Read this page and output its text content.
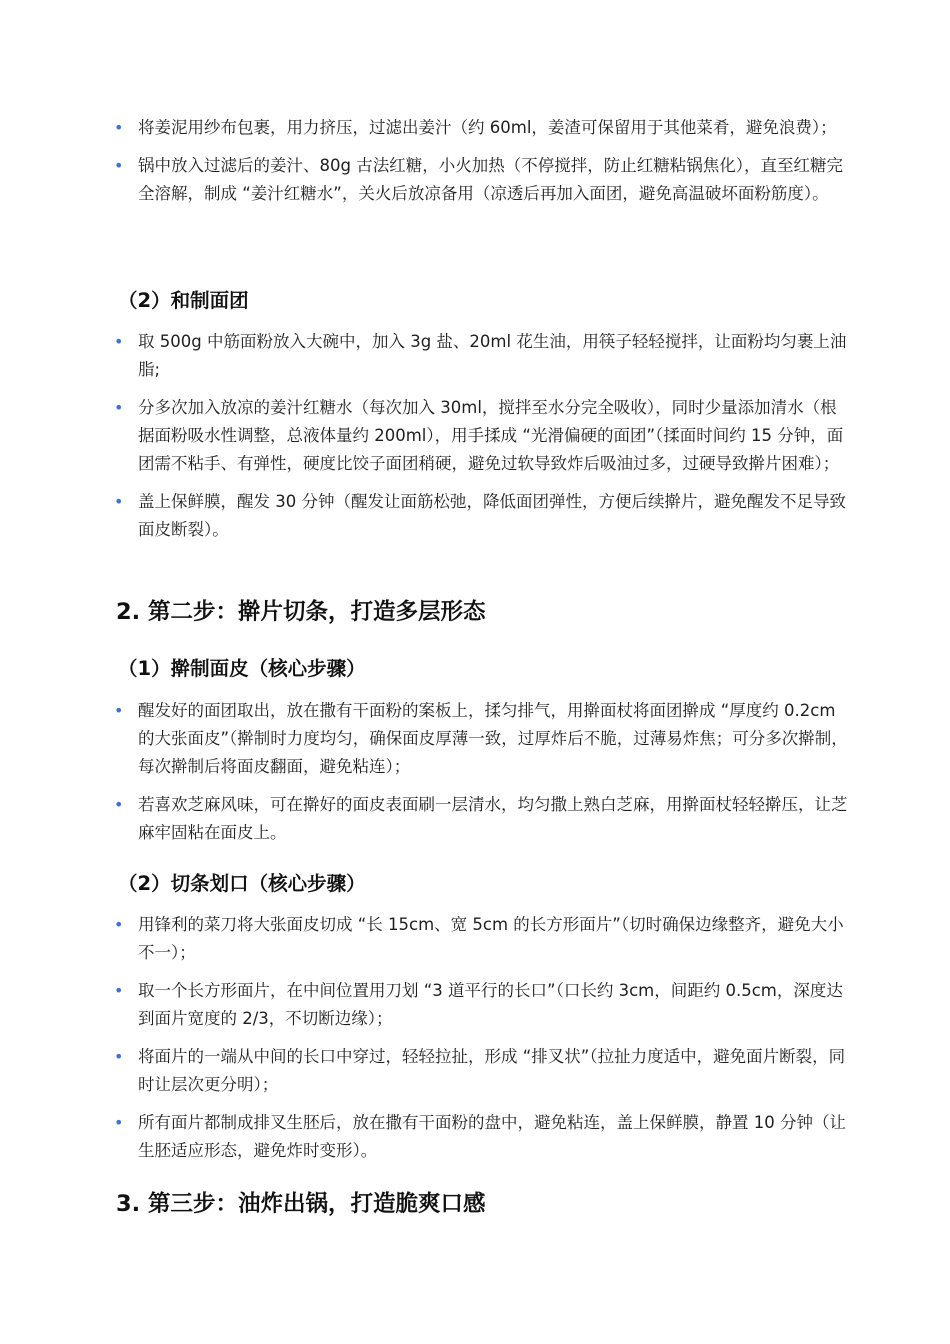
• 将姜泥用纱布包裹，用力挤压，过滤出姜汁（约 60ml，姜渣可保留用于其他菜肴，避免浪费）；
• 锅中放入过滤后的姜汁、80g 古法红糖，小火加热（不停搅拌，防止红糖粘锅焦化），直至红糖完全溶解，制成 “姜汁红糖水”，关火后放凉备用（凉透后再加入面团，避免高温破坏面粉筋度）。
（2）和制面团
• 取 500g 中筋面粉放入大碗中，加入 3g 盐、20ml 花生油，用筷子轻轻搅拌，让面粉均匀裹上油脂;
• 分多次加入放凉的姜汁红糖水（每次加入 30ml，搅拌至水分完全吸收），同时少量添加清水（根据面粉吸水性调整，总液体量约 200ml），用手揉成 “光滑偏硬的面团”（揉面时间约 15 分钟，面团需不粘手、有弹性，硬度比饺子面团稍硬，避免过软导致炸后吸油过多，过硬导致擀片困难）；
• 盖上保鲜膜，醒发 30 分钟（醒发让面筋松弛，降低面团弹性，方便后续擀片，避免醒发不足导致面皮断裂）。
2. 第二步：擀片切条，打造多层形态
（1）擀制面皮（核心步骤）
• 醒发好的面团取出，放在撒有干面粉的案板上，揉匀排气，用擀面杖将面团擀成 “厚度约 0.2cm 的大张面皮”（擀制时力度均匀，确保面皮厚薄一致，过厚炸后不脆，过薄易炸焦；可分多次擀制，每次擀制后将面皮翻面，避免粘连）；
• 若喜欢芝麻风味，可在擀好的面皮表面刷一层清水，均匀撒上熟白芝麻，用擀面杖轻轻擀压，让芝麻牢固粘在面皮上。
（2）切条划口（核心步骤）
• 用锋利的菜刀将大张面皮切成 “长 15cm、宽 5cm 的长方形面片”（切时确保边缘整齐，避免大小不一）；
• 取一个长方形面片，在中间位置用刀划 “3 道平行的长口”（口长约 3cm，间距约 0.5cm，深度达到面片宽度的 2/3，不切断边缘）；
• 将面片的一端从中间的长口中穿过，轻轻拉扯，形成 “排叉状”（拉扯力度适中，避免面片断裂，同时让层次更分明）；
• 所有面片都制成排叉生胚后，放在撒有干面粉的盘中，避免粘连，盖上保鲜膜，静置 10 分钟（让生胚适应形态，避免炸时变形）。
3. 第三步：油炸出锅，打造脆爽口感
